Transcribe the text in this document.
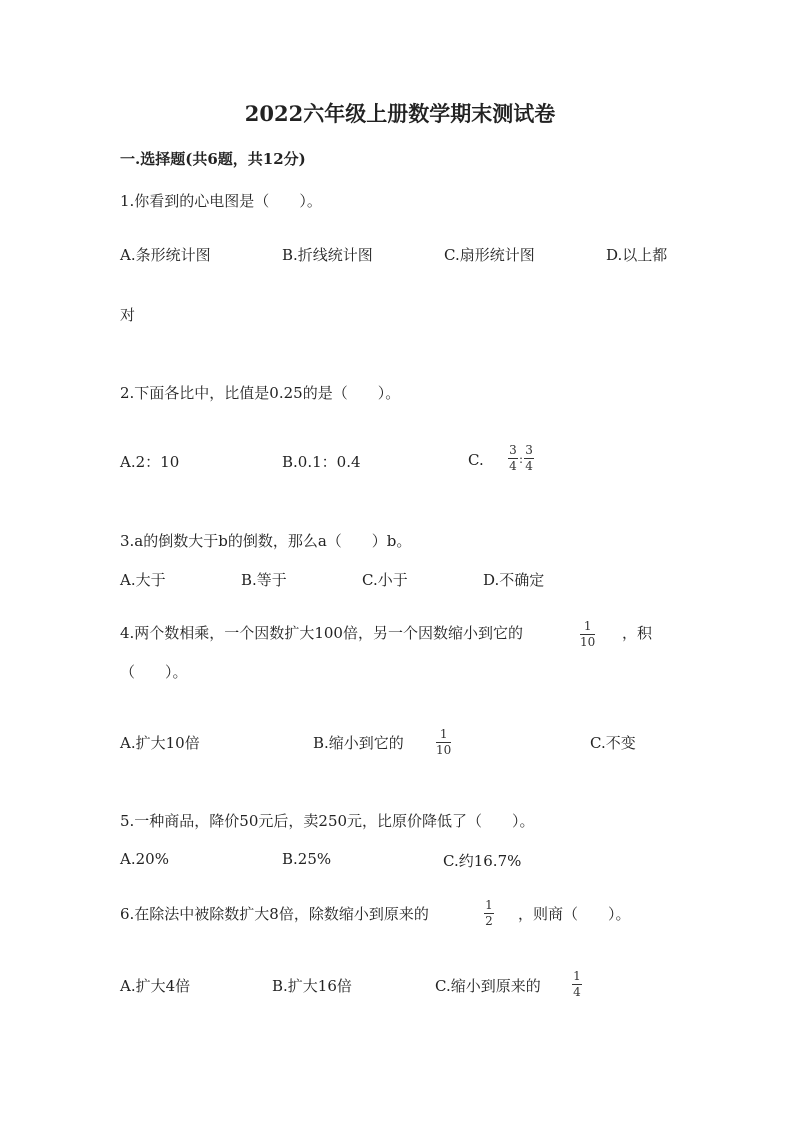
2022六年级上册数学期末测试卷
一.选择题(共6题，共12分)
1.你看到的心电图是（　　）。
A.条形统计图	B.折线统计图	C.扇形统计图	D.以上都
对
2.下面各比中，比值是0.25的是（　　）。
A.2：10	B.0.1：0.4	C. $\frac{3}{4}$ : $\frac{3}{4}$
3.a的倒数大于b的倒数，那么a（　　）b。
A.大于	B.等于	C.小于	D.不确定
4.两个数相乘，一个因数扩大100倍，另一个因数缩小到它的	1
10 ，积
（　　）。
A.扩大10倍	B.缩小到它的	1
10	C.不变
5.一种商品，降价50元后，卖250元，比原价降低了（　　）。
A.20%	B.25%	C.约16.7%
6.在除法中被除数扩大8倍，除数缩小到原来的	1
2 ，则商（　　）。
A.扩大4倍	B.扩大16倍	C.缩小到原来的
1
4
